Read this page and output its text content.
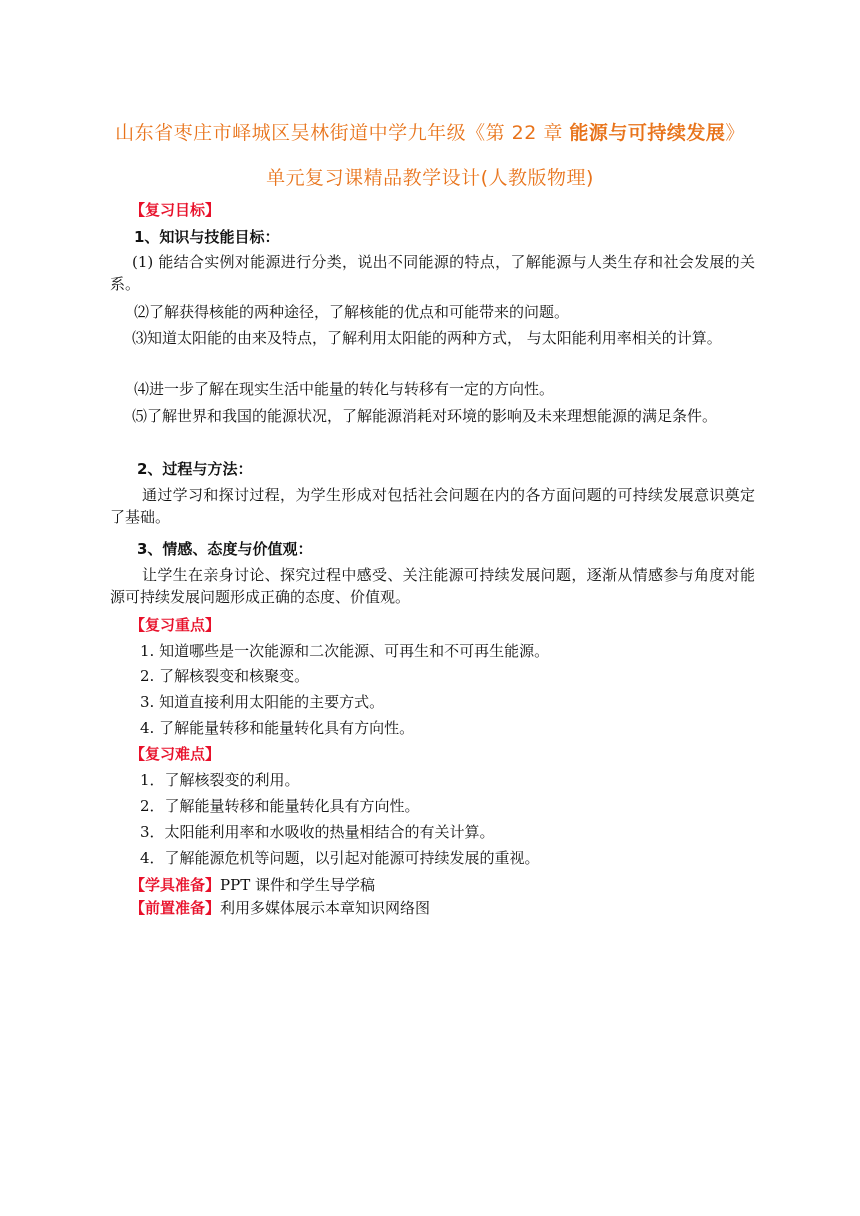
山东省枣庄市峄城区吴林街道中学九年级《第 22 章 能源与可持续发展》
单元复习课精品教学设计(人教版物理)
【复习目标】
1、知识与技能目标：
(1) 能结合实例对能源进行分类，说出不同能源的特点，了解能源与人类生存和社会发展的关系。
⑵了解获得核能的两种途径，了解核能的优点和可能带来的问题。
⑶知道太阳能的由来及特点，了解利用太阳能的两种方式， 与太阳能利用率相关的计算。
⑷进一步了解在现实生活中能量的转化与转移有一定的方向性。
⑸了解世界和我国的能源状况，了解能源消耗对环境的影响及未来理想能源的满足条件。
2、过程与方法：
通过学习和探讨过程，为学生形成对包括社会问题在内的各方面问题的可持续发展意识奠定了基础。
3、情感、态度与价值观：
让学生在亲身讨论、探究过程中感受、关注能源可持续发展问题，逐渐从情感参与角度对能源可持续发展问题形成正确的态度、价值观。
【复习重点】
1. 知道哪些是一次能源和二次能源、可再生和不可再生能源。
2. 了解核裂变和核聚变。
3. 知道直接利用太阳能的主要方式。
4. 了解能量转移和能量转化具有方向性。
【复习难点】
1．了解核裂变的利用。
2．了解能量转移和能量转化具有方向性。
3．太阳能利用率和水吸收的热量相结合的有关计算。
4．了解能源危机等问题，以引起对能源可持续发展的重视。
【学具准备】PPT 课件和学生导学稿
【前置准备】利用多媒体展示本章知识网络图
